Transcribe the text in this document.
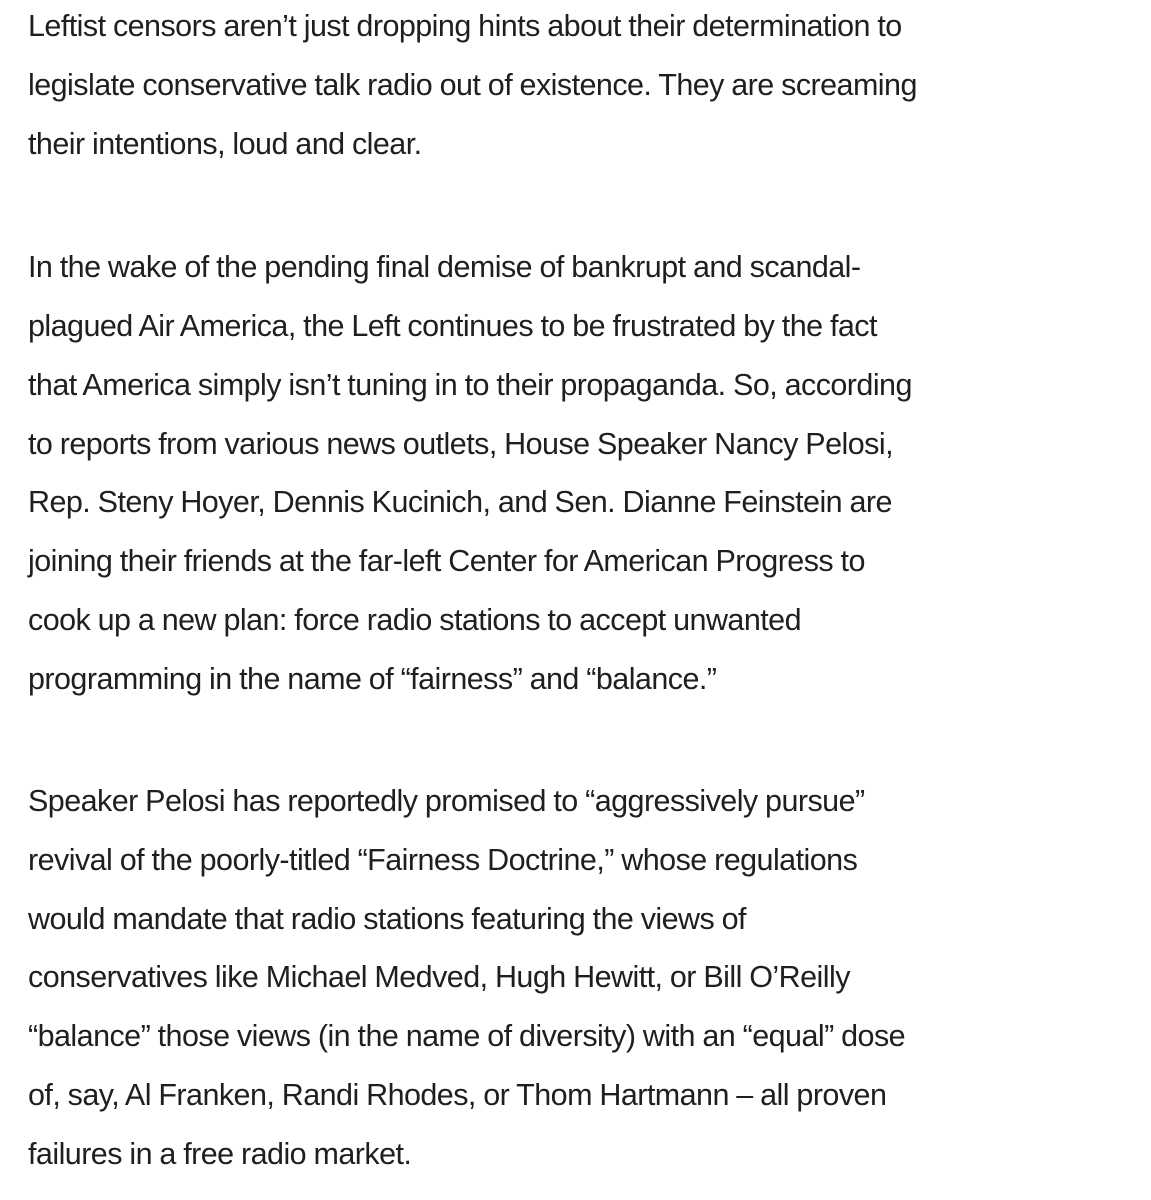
Leftist censors aren’t just dropping hints about their determination to
legislate conservative talk radio out of existence. They are screaming
their intentions, loud and clear.
In the wake of the pending final demise of bankrupt and scandal-
plagued Air America, the Left continues to be frustrated by the fact
that America simply isn’t tuning in to their propaganda. So, according
to reports from various news outlets, House Speaker Nancy Pelosi,
Rep. Steny Hoyer, Dennis Kucinich, and Sen. Dianne Feinstein are
joining their friends at the far-left Center for American Progress to
cook up a new plan: force radio stations to accept unwanted
programming in the name of “fairness” and “balance.”
Speaker Pelosi has reportedly promised to “aggressively pursue”
revival of the poorly-titled “Fairness Doctrine,” whose regulations
would mandate that radio stations featuring the views of
conservatives like Michael Medved, Hugh Hewitt, or Bill O’Reilly
“balance” those views (in the name of diversity) with an “equal” dose
of, say, Al Franken, Randi Rhodes, or Thom Hartmann – all proven
failures in a free radio market.
